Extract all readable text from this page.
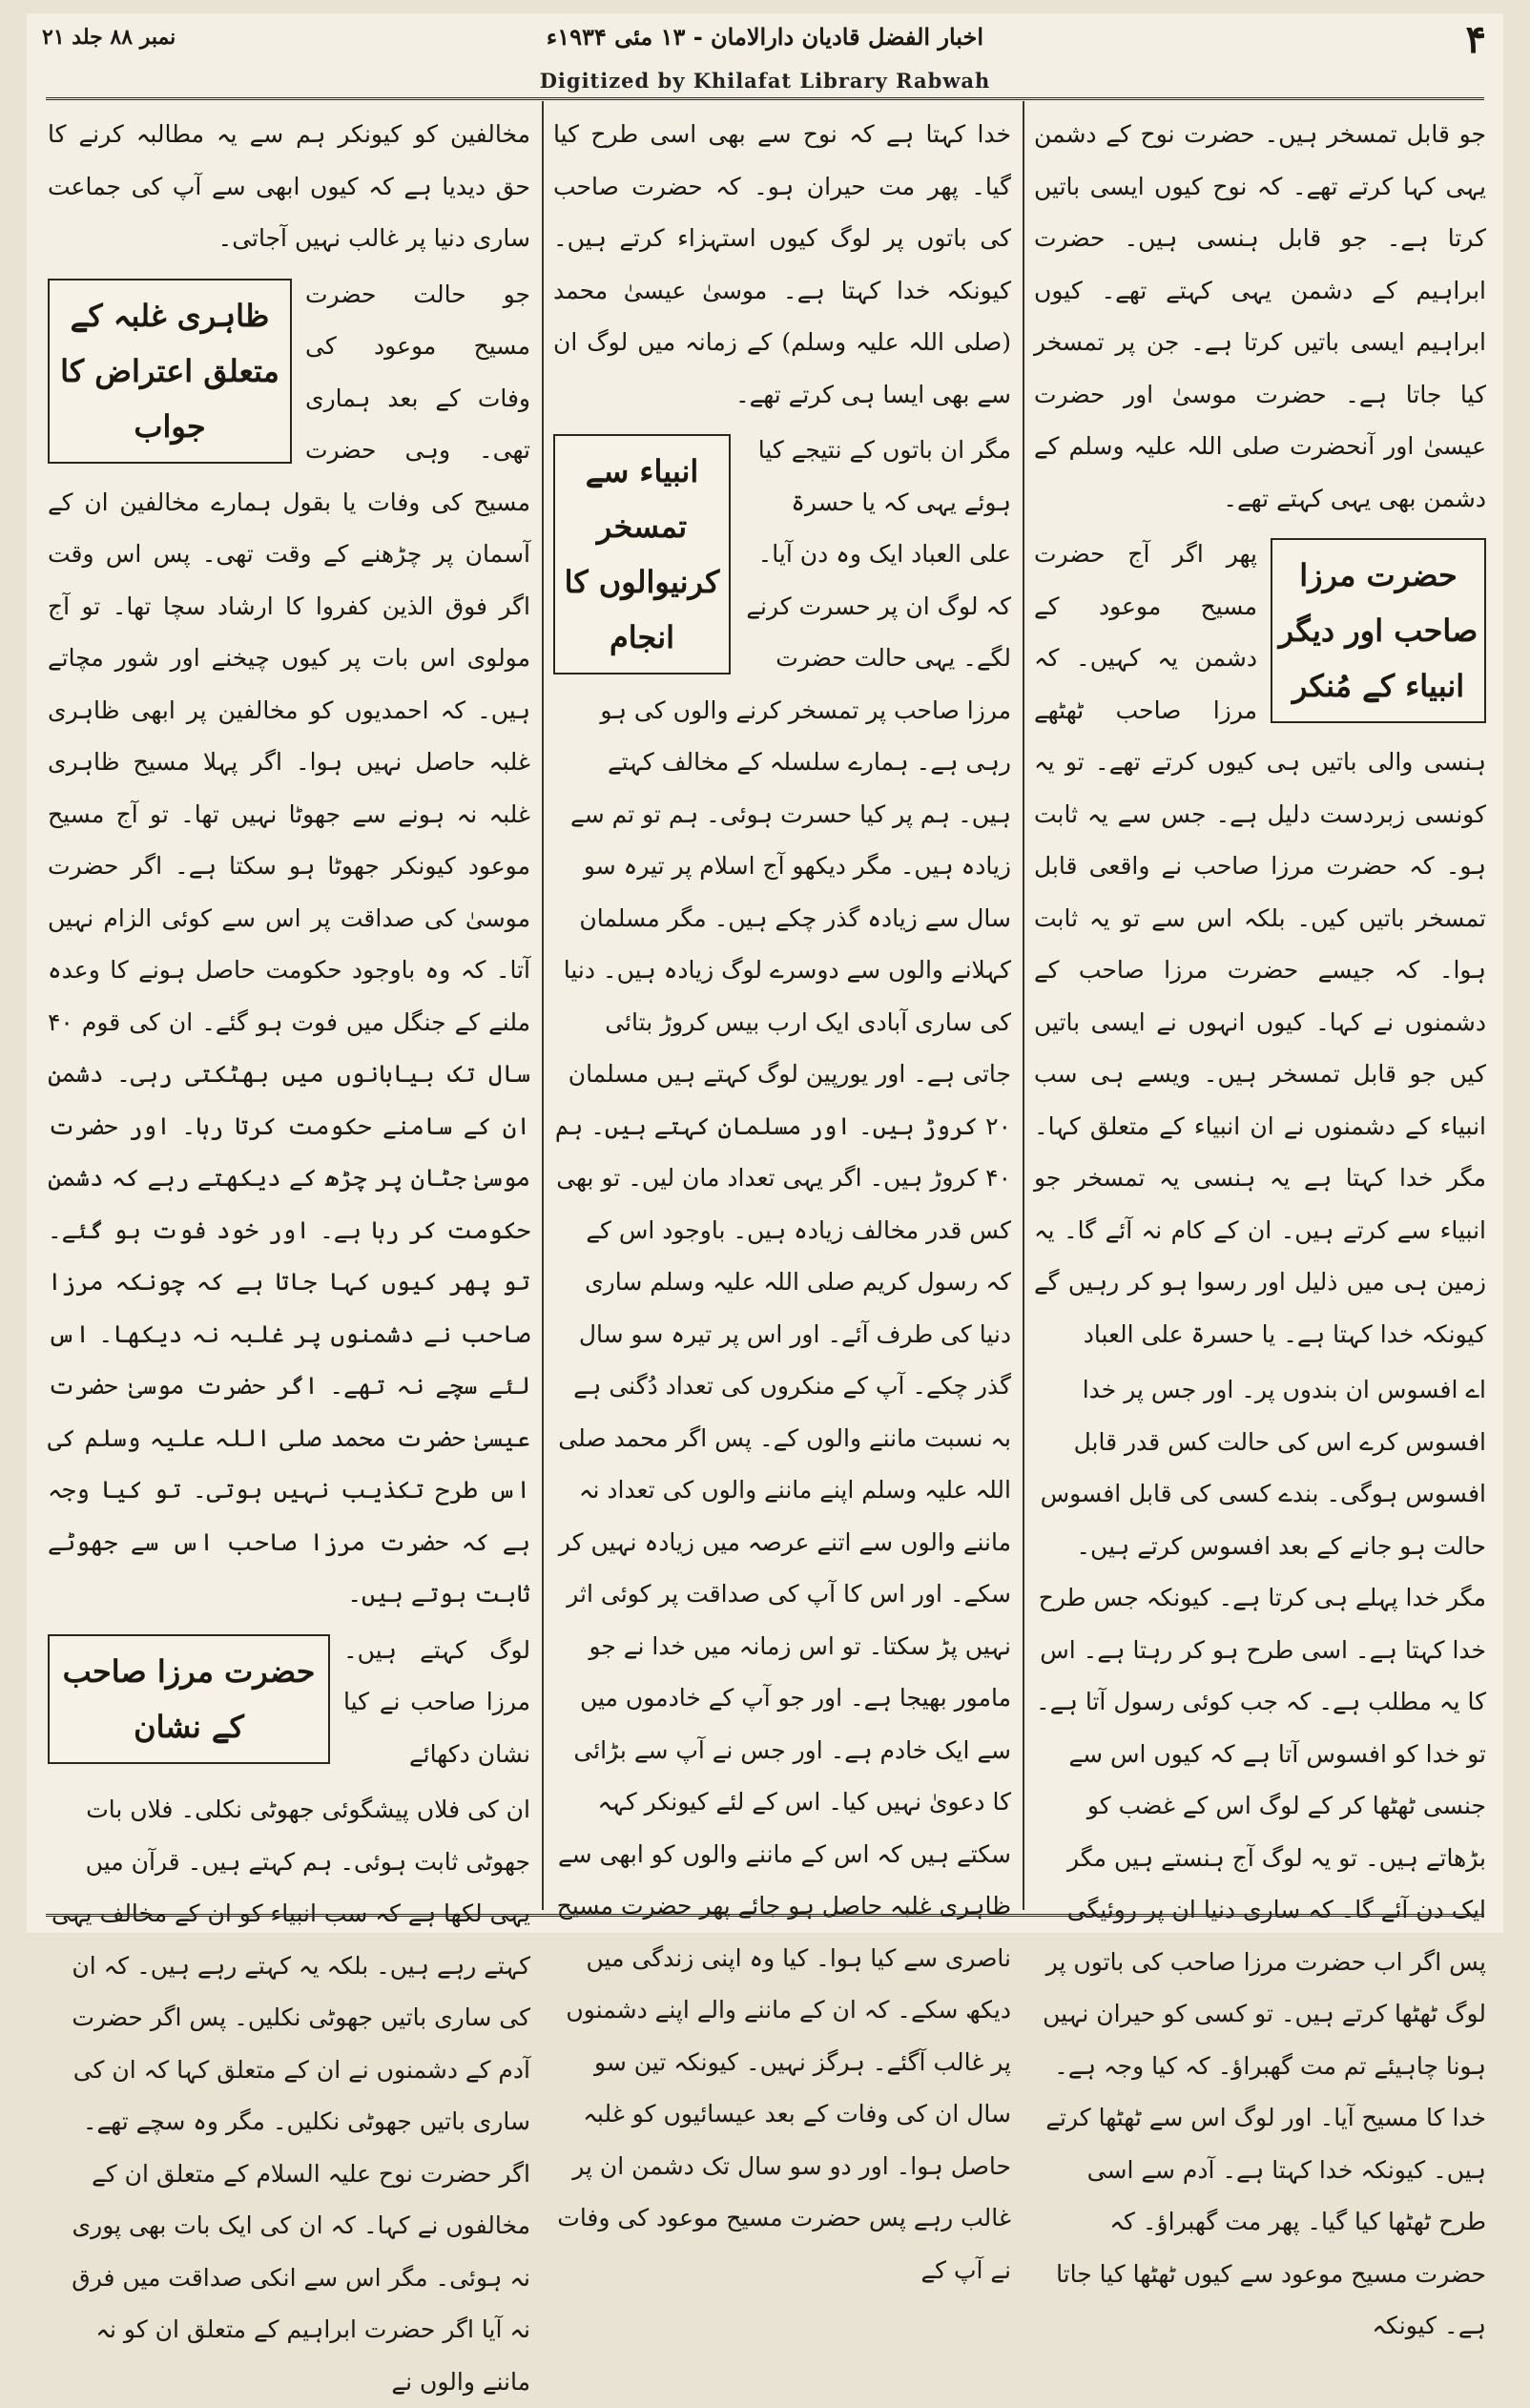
۴
اخبار الفضل قادیان دارالامان - ۱۳ مئی ۱۹۳۴ء
نمبر ۸۸ جلد ۲۱
Digitized by Khilafat Library Rabwah

جو قابل تمسخر ہیں۔ حضرت نوح کے دشمن یہی کہا کرتے تھے۔ کہ نوح کیوں ایسی باتیں کرتا ہے۔ جو قابل ہنسی ہیں۔ حضرت ابراہیم کے دشمن یہی کہتے تھے۔ کیوں ابراہیم ایسی باتیں کرتا ہے۔ جن پر تمسخر کیا جاتا ہے۔ حضرت موسیٰ اور حضرت عیسیٰ اور آنحضرت صلی اللہ علیہ وسلم کے دشمن بھی یہی کہتے تھے۔

حضرت مرزا صاحب اور دیگر انبیاء کے مُنکر

پھر اگر آج حضرت مسیح موعود کے دشمن یہ کہیں۔ کہ مرزا صاحب ٹھٹھے ہنسی والی باتیں ہی کیوں کرتے تھے۔ تو یہ کونسی زبردست دلیل ہے۔ جس سے یہ ثابت ہو۔ کہ حضرت مرزا صاحب نے واقعی قابل تمسخر باتیں کیں۔ بلکہ اس سے تو یہ ثابت ہوا۔ کہ جیسے حضرت مرزا صاحب کے دشمنوں نے کہا۔ کیوں انہوں نے ایسی باتیں کیں جو قابل تمسخر ہیں۔ ویسے ہی سب انبیاء کے دشمنوں نے ان انبیاء کے متعلق کہا۔ مگر خدا کہتا ہے یہ ہنسی یہ تمسخر جو انبیاء سے کرتے ہیں۔ ان کے کام نہ آئے گا۔ یہ زمین ہی میں ذلیل اور رسوا ہو کر رہیں گے کیونکہ خدا کہتا ہے۔ یا حسرۃ علی العباد

اے افسوس ان بندوں پر۔ اور جس پر خدا افسوس کرے اس کی حالت کس قدر قابل افسوس ہوگی۔ بندے کسی کی قابل افسوس حالت ہو جانے کے بعد افسوس کرتے ہیں۔ مگر خدا پہلے ہی کرتا ہے۔ کیونکہ جس طرح خدا کہتا ہے۔ اسی طرح ہو کر رہتا ہے۔ اس کا یہ مطلب ہے۔ کہ جب کوئی رسول آتا ہے۔ تو خدا کو افسوس آتا ہے کہ کیوں اس سے جنسی ٹھٹھا کر کے لوگ اس کے غضب کو بڑھاتے ہیں۔ تو یہ لوگ آج ہنستے ہیں مگر ایک دن آئے گا۔ کہ ساری دنیا ان پر روئیگی پس اگر اب حضرت مرزا صاحب کی باتوں پر لوگ ٹھٹھا کرتے ہیں۔ تو کسی کو حیران نہیں ہونا چاہیئے تم مت گھبراؤ۔ کہ کیا وجہ ہے۔ خدا کا مسیح آیا۔ اور لوگ اس سے ٹھٹھا کرتے ہیں۔ کیونکہ خدا کہتا ہے۔ آدم سے اسی طرح ٹھٹھا کیا گیا۔ پھر مت گھبراؤ۔ کہ حضرت مسیح موعود سے کیوں ٹھٹھا کیا جاتا ہے۔ کیونکہ

خدا کہتا ہے کہ نوح سے بھی اسی طرح کیا گیا۔ پھر مت حیران ہو۔ کہ حضرت صاحب کی باتوں پر لوگ کیوں استہزاء کرتے ہیں۔ کیونکہ خدا کہتا ہے۔ موسیٰ عیسیٰ محمد (صلی اللہ علیہ وسلم) کے زمانہ میں لوگ ان سے بھی ایسا ہی کرتے تھے۔

انبیاء سے تمسخر کرنیوالوں کا انجام

مگر ان باتوں کے نتیجے کیا ہوئے یہی کہ یا حسرۃ علی العباد ایک وہ دن آیا۔ کہ لوگ ان پر حسرت کرنے لگے۔ یہی حالت حضرت مرزا صاحب پر تمسخر کرنے والوں کی ہو رہی ہے۔ ہمارے سلسلہ کے مخالف کہتے ہیں۔ ہم پر کیا حسرت ہوئی۔ ہم تو تم سے زیادہ ہیں۔ مگر دیکھو آج اسلام پر تیرہ سو سال سے زیادہ گذر چکے ہیں۔ مگر مسلمان کہلانے والوں سے دوسرے لوگ زیادہ ہیں۔ دنیا کی ساری آبادی ایک ارب بیس کروڑ بتائی جاتی ہے۔ اور یورپین لوگ کہتے ہیں مسلمان ۲۰ کروڑ ہیں۔ اور مسلمان کہتے ہیں۔ ہم ۴۰ کروڑ ہیں۔ اگر یہی تعداد مان لیں۔ تو بھی کس قدر مخالف زیادہ ہیں۔ باوجود اس کے کہ رسول کریم صلی اللہ علیہ وسلم ساری دنیا کی طرف آئے۔ اور اس پر تیرہ سو سال گذر چکے۔ آپ کے منکروں کی تعداد دُگنی ہے بہ نسبت ماننے والوں کے۔ پس اگر محمد صلی اللہ علیہ وسلم اپنے ماننے والوں کی تعداد نہ ماننے والوں سے اتنے عرصہ میں زیادہ نہیں کر سکے۔ اور اس کا آپ کی صداقت پر کوئی اثر نہیں پڑ سکتا۔ تو اس زمانہ میں خدا نے جو مامور بھیجا ہے۔ اور جو آپ کے خادموں میں سے ایک خادم ہے۔ اور جس نے آپ سے بڑائی کا دعویٰ نہیں کیا۔ اس کے لئے کیونکر کہہ سکتے ہیں کہ اس کے ماننے والوں کو ابھی سے ظاہری غلبہ حاصل ہو جائے پھر حضرت مسیح ناصری سے کیا ہوا۔ کیا وہ اپنی زندگی میں دیکھ سکے۔ کہ ان کے ماننے والے اپنے دشمنوں پر غالب آگئے۔ ہرگز نہیں۔ کیونکہ تین سو سال ان کی وفات کے بعد عیسائیوں کو غلبہ حاصل ہوا۔ اور دو سو سال تک دشمن ان پر غالب رہے پس حضرت مسیح موعود کی وفات نے آپ کے

مخالفین کو کیونکر ہم سے یہ مطالبہ کرنے کا حق دیدیا ہے کہ کیوں ابھی سے آپ کی جماعت ساری دنیا پر غالب نہیں آجاتی۔

ظاہری غلبہ کے متعلق اعتراض کا جواب

جو حالت حضرت مسیح موعود کی وفات کے بعد ہماری تھی۔ وہی حضرت مسیح کی وفات یا بقول ہمارے مخالفین ان کے آسمان پر چڑھنے کے وقت تھی۔ پس اس وقت اگر فوق الذین کفروا کا ارشاد سچا تھا۔ تو آج مولوی اس بات پر کیوں چیخنے اور شور مچاتے ہیں۔ کہ احمدیوں کو مخالفین پر ابھی ظاہری غلبہ حاصل نہیں ہوا۔ اگر پہلا مسیح ظاہری غلبہ نہ ہونے سے جھوٹا نہیں تھا۔ تو آج مسیح موعود کیونکر جھوٹا ہو سکتا ہے۔ اگر حضرت موسیٰ کی صداقت پر اس سے کوئی الزام نہیں آتا۔ کہ وہ باوجود حکومت حاصل ہونے کا وعدہ ملنے کے جنگل میں فوت ہو گئے۔ ان کی قوم ۴۰ سال تک بیابانوں میں بھٹکتی رہی۔ دشمن ان کے سامنے حکومت کرتا رہا۔ اور حضرت موسیٰ جٹان پر چڑھ کے دیکھتے رہے کہ دشمن حکومت کر رہا ہے۔ اور خود فوت ہو گئے۔ تو پھر کیوں کہا جاتا ہے کہ چونکہ مرزا صاحب نے دشمنوں پر غلبہ نہ دیکھا۔ اس لئے سچے نہ تھے۔ اگر حضرت موسیٰ حضرت عیسیٰ حضرت محمد صلی اللہ علیہ وسلم کی اس طرح تکذیب نہیں ہوتی۔ تو کیا وجہ ہے کہ حضرت مرزا صاحب اس سے جھوٹے ثابت ہوتے ہیں۔

حضرت مرزا صاحب کے نشان

لوگ کہتے ہیں۔ مرزا صاحب نے کیا نشان دکھائے

ان کی فلاں پیشگوئی جھوٹی نکلی۔ فلاں بات جھوٹی ثابت ہوئی۔ ہم کہتے ہیں۔ قرآن میں یہی لکھا ہے کہ سب انبیاء کو ان کے مخالف یہی کہتے رہے ہیں۔ بلکہ یہ کہتے رہے ہیں۔ کہ ان کی ساری باتیں جھوٹی نکلیں۔ پس اگر حضرت آدم کے دشمنوں نے ان کے متعلق کہا کہ ان کی ساری باتیں جھوٹی نکلیں۔ مگر وہ سچے تھے۔ اگر حضرت نوح علیہ السلام کے متعلق ان کے مخالفوں نے کہا۔ کہ ان کی ایک بات بھی پوری نہ ہوئی۔ مگر اس سے انکی صداقت میں فرق نہ آیا اگر حضرت ابراہیم کے متعلق ان کو نہ ماننے والوں نے
